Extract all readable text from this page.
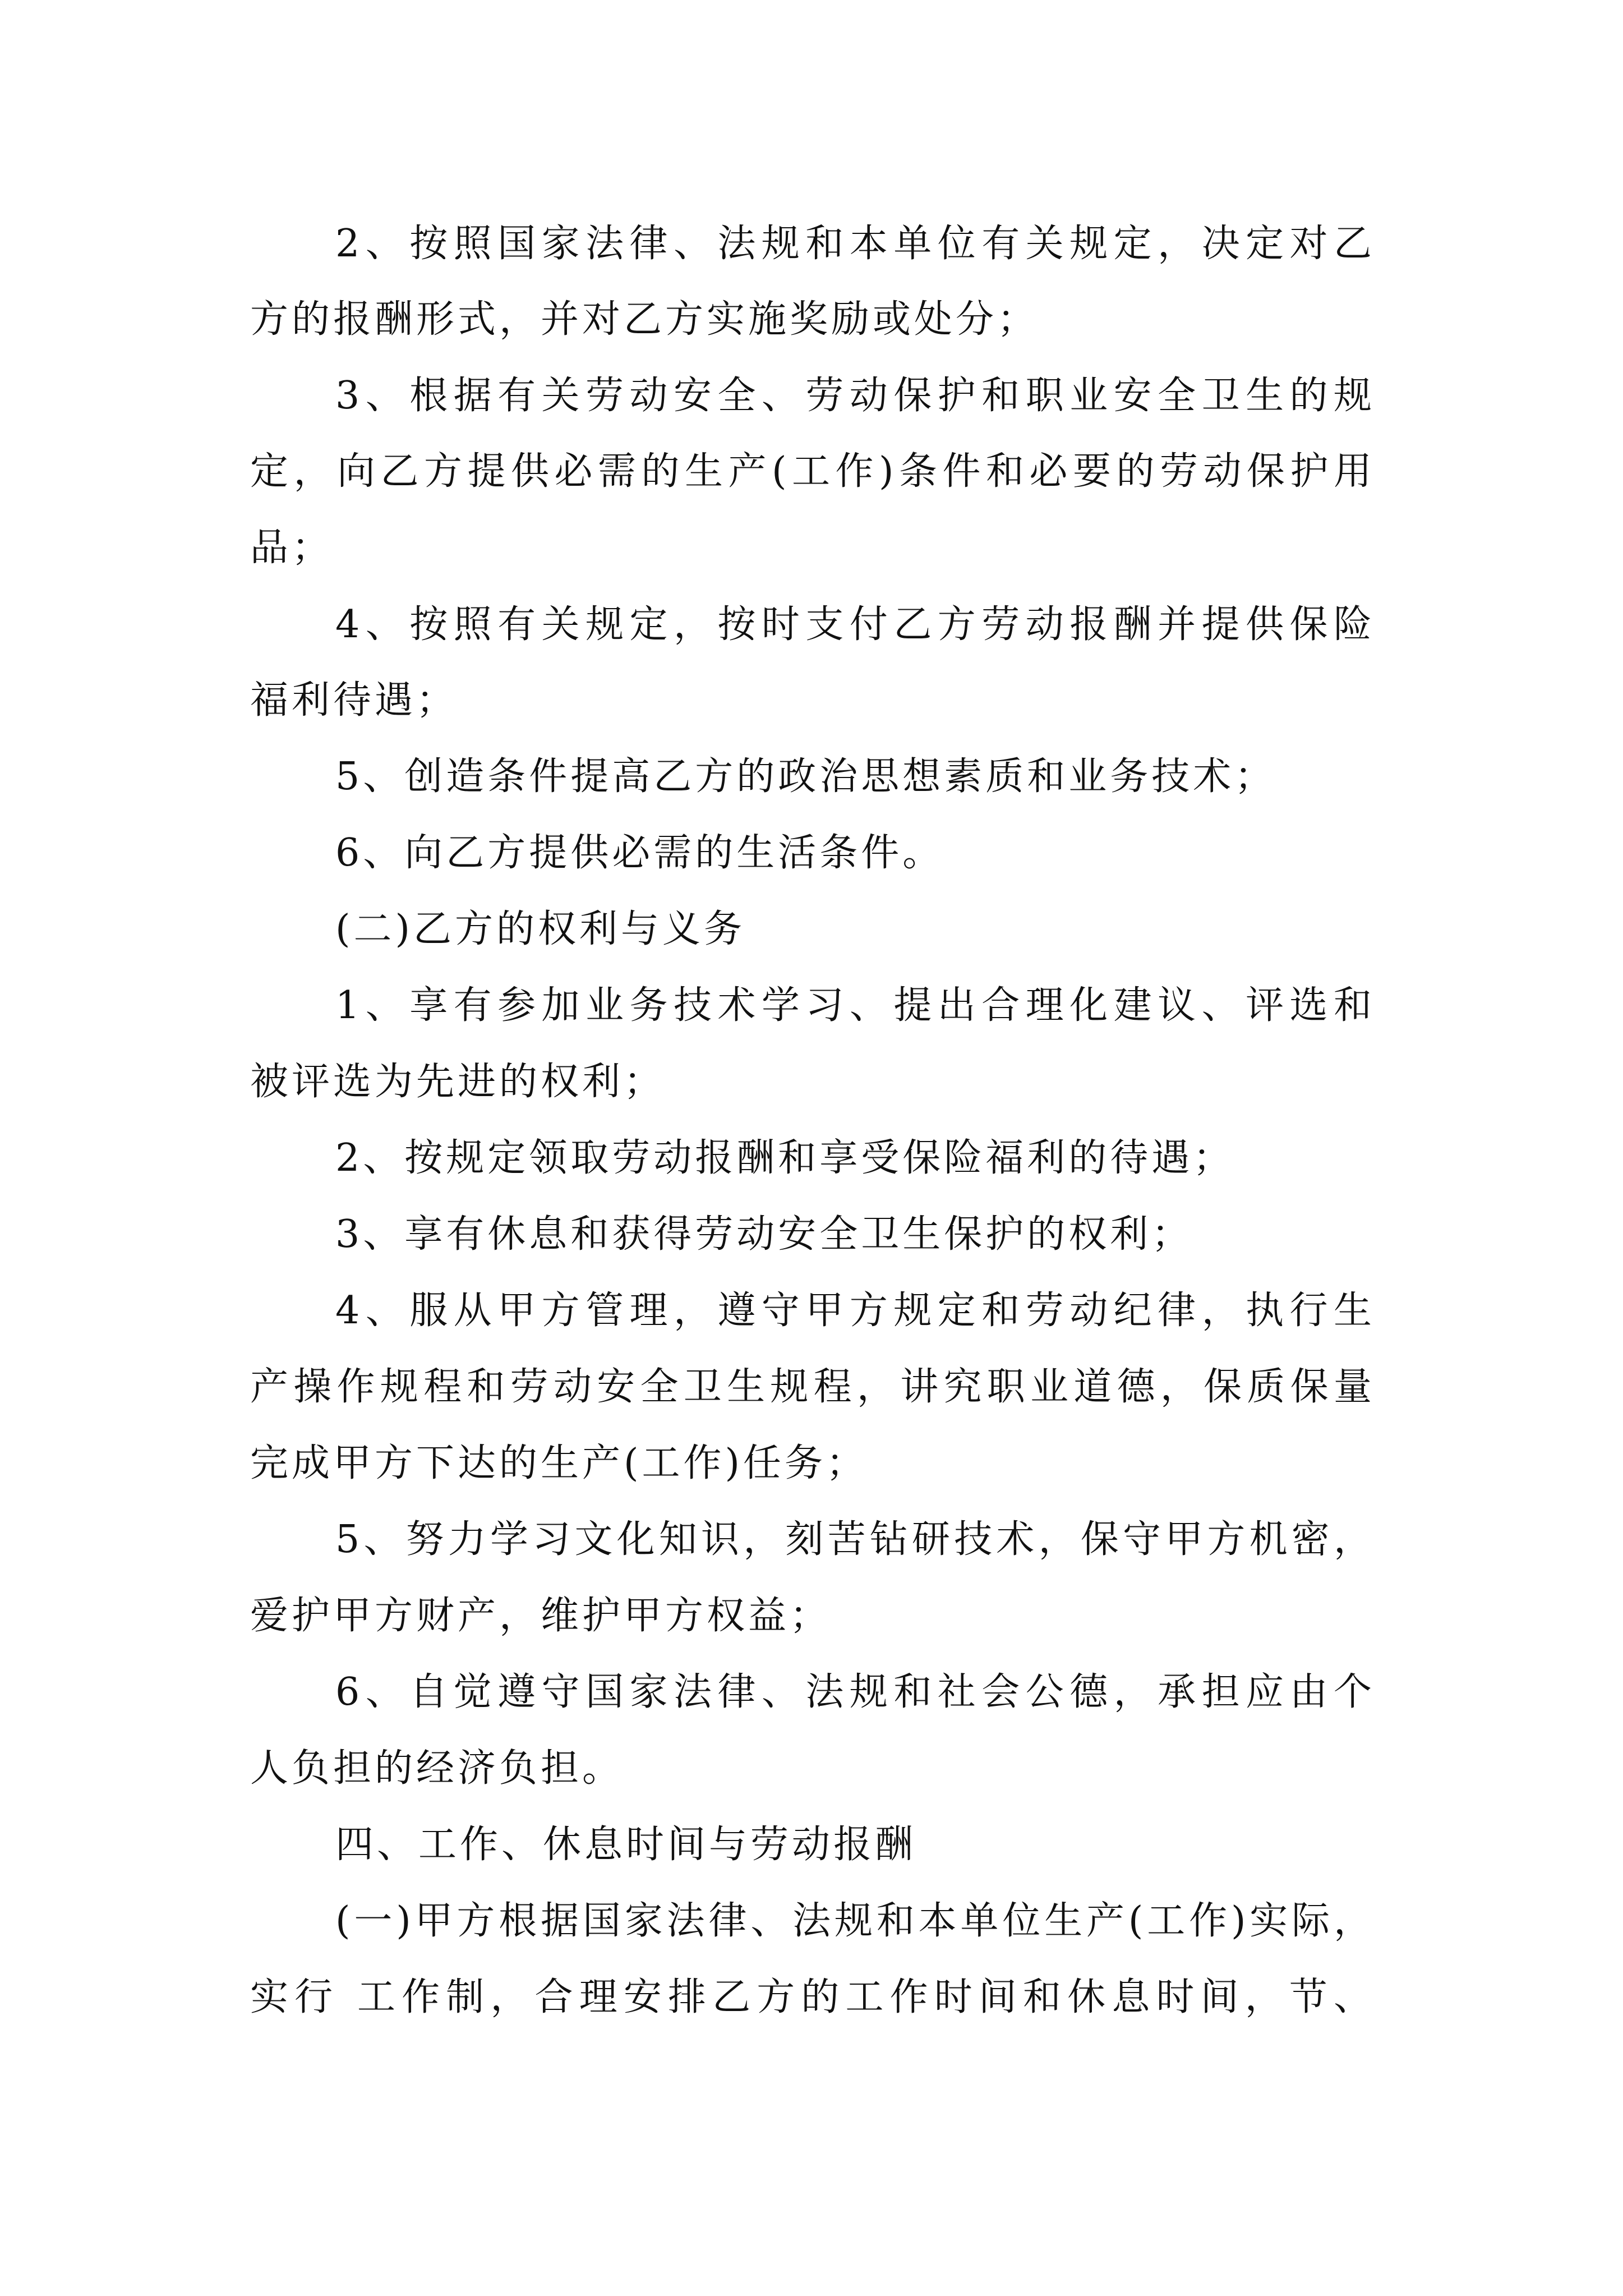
2、按照国家法律、法规和本单位有关规定，决定对乙
方的报酬形式，并对乙方实施奖励或处分；
3、根据有关劳动安全、劳动保护和职业安全卫生的规
定，向乙方提供必需的生产(工作)条件和必要的劳动保护用
品；
4、按照有关规定，按时支付乙方劳动报酬并提供保险
福利待遇；
5、创造条件提高乙方的政治思想素质和业务技术；
6、向乙方提供必需的生活条件。
(二)乙方的权利与义务
1、享有参加业务技术学习、提出合理化建议、评选和
被评选为先进的权利；
2、按规定领取劳动报酬和享受保险福利的待遇；
3、享有休息和获得劳动安全卫生保护的权利；
4、服从甲方管理，遵守甲方规定和劳动纪律，执行生
产操作规程和劳动安全卫生规程，讲究职业道德，保质保量
完成甲方下达的生产(工作)任务；
5、努力学习文化知识，刻苦钻研技术，保守甲方机密，
爱护甲方财产，维护甲方权益；
6、自觉遵守国家法律、法规和社会公德，承担应由个
人负担的经济负担。
四、工作、休息时间与劳动报酬
(一)甲方根据国家法律、法规和本单位生产(工作)实际，
实行 工作制，合理安排乙方的工作时间和休息时间，节、
